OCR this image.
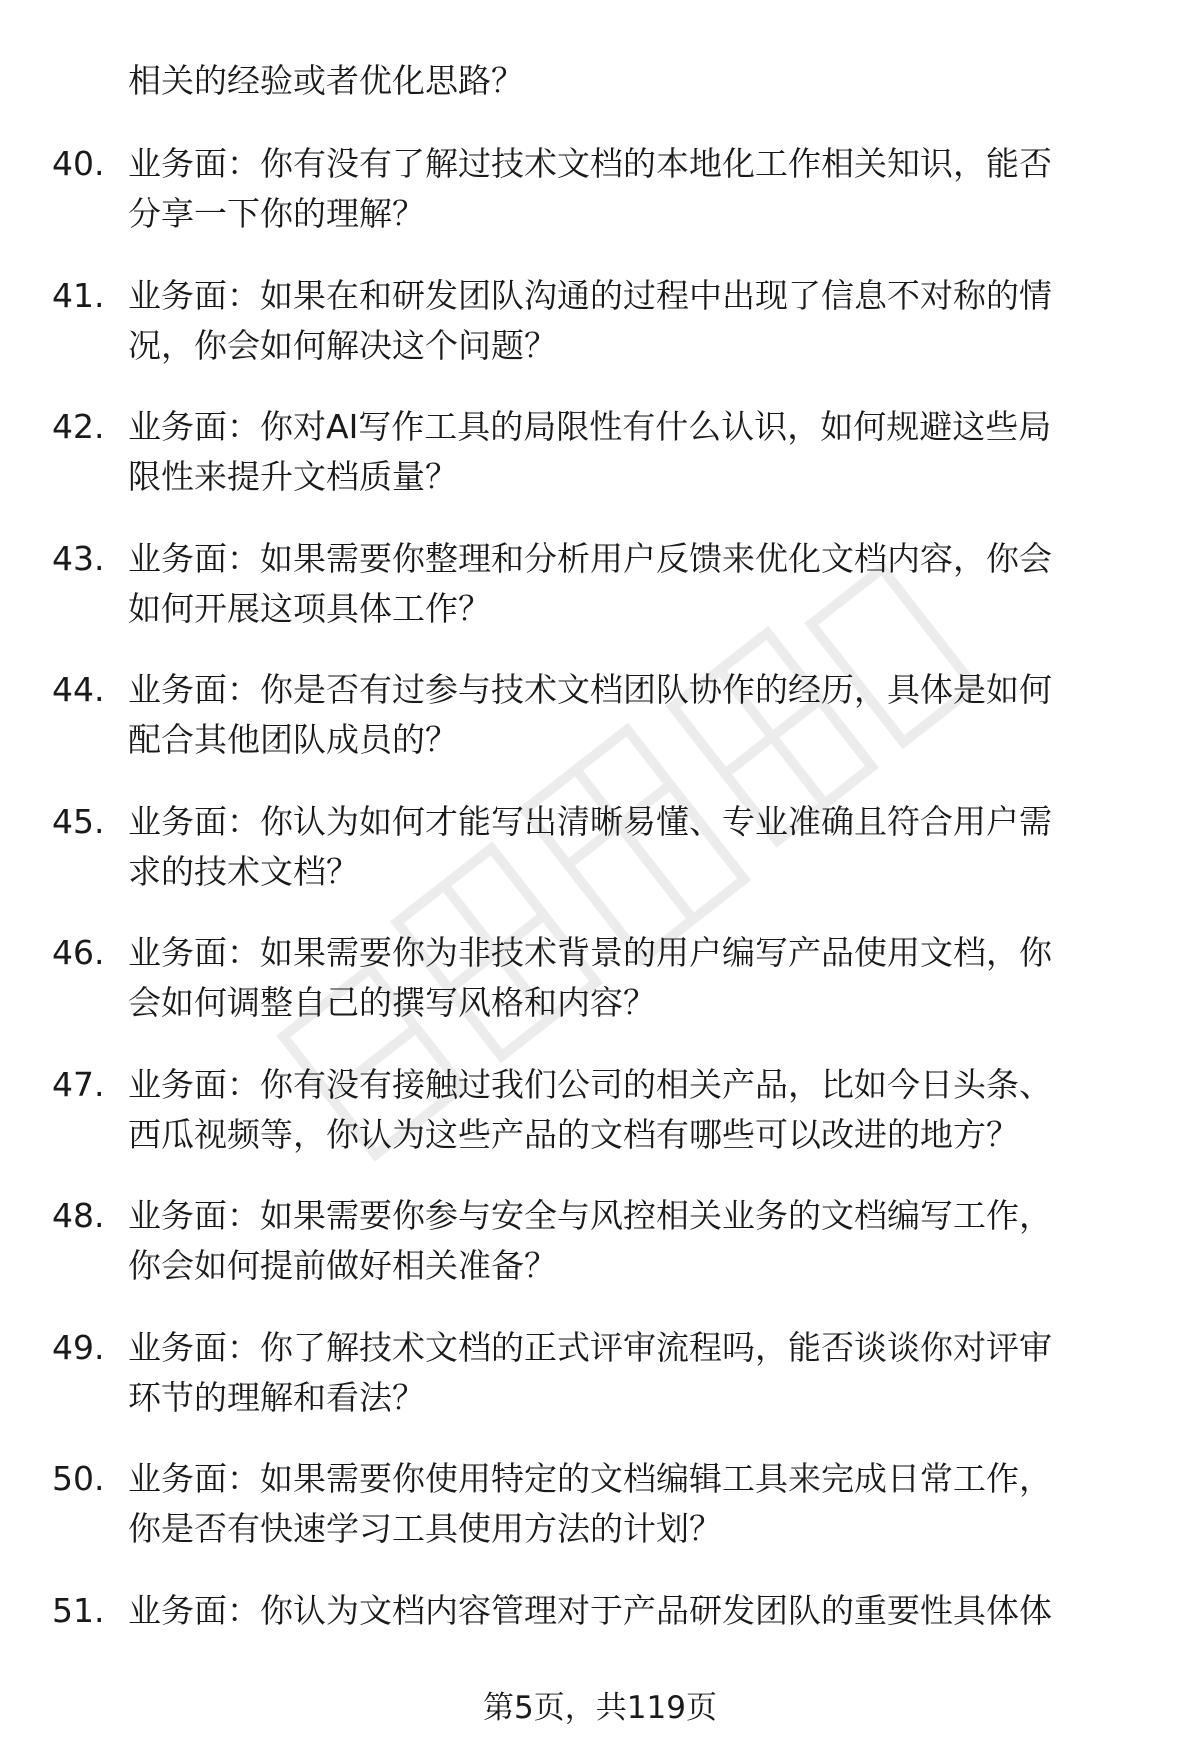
相关的经验或者优化思路？
40. 业务面：你有没有了解过技术文档的本地化工作相关知识，能否
分享一下你的理解？
41. 业务面：如果在和研发团队沟通的过程中出现了信息不对称的情
况，你会如何解决这个问题？
42. 业务面：你对AI写作工具的局限性有什么认识，如何规避这些局
限性来提升文档质量？
43. 业务面：如果需要你整理和分析用户反馈来优化文档内容，你会
如何开展这项具体工作？
44. 业务面：你是否有过参与技术文档团队协作的经历，具体是如何
配合其他团队成员的？
45. 业务面：你认为如何才能写出清晰易懂、专业准确且符合用户需
求的技术文档？
46. 业务面：如果需要你为非技术背景的用户编写产品使用文档，你
会如何调整自己的撰写风格和内容？
47. 业务面：你有没有接触过我们公司的相关产品，比如今日头条、
西瓜视频等，你认为这些产品的文档有哪些可以改进的地方？
48. 业务面：如果需要你参与安全与风控相关业务的文档编写工作，
你会如何提前做好相关准备？
49. 业务面：你了解技术文档的正式评审流程吗，能否谈谈你对评审
环节的理解和看法？
50. 业务面：如果需要你使用特定的文档编辑工具来完成日常工作，
你是否有快速学习工具使用方法的计划？
51. 业务面：你认为文档内容管理对于产品研发团队的重要性具体体
第5页，共119页
